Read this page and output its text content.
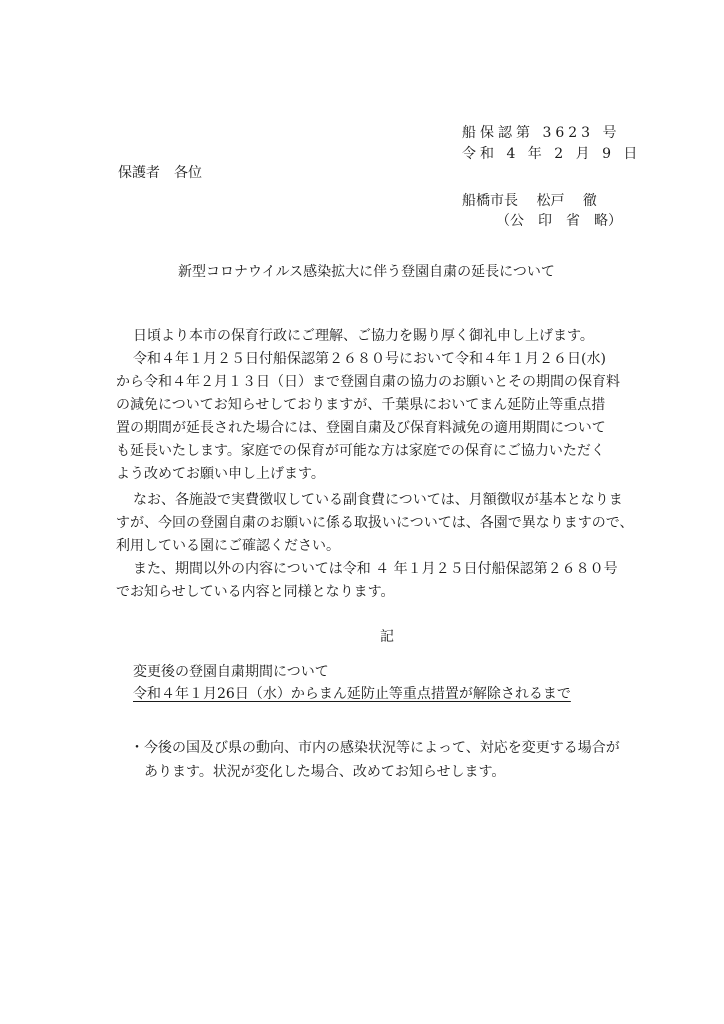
船保認第 3623 号
令和 4 年 2 月 9 日
保護者　各位
船橋市長　 松戸　 徹
（公　印　省　略）
新型コロナウイルス感染拡大に伴う登園自粛の延長について
日頃より本市の保育行政にご理解、ご協力を賜り厚く御礼申し上げます。
令和４年１月２５日付船保認第２６８０号において令和４年１月２６日(水)
から令和４年２月１３日（日）まで登園自粛の協力のお願いとその期間の保育料
の減免についてお知らせしておりますが、千葉県においてまん延防止等重点措
置の期間が延長された場合には、登園自粛及び保育料減免の適用期間について
も延長いたします。家庭での保育が可能な方は家庭での保育にご協力いただく
よう改めてお願い申し上げます。
なお、各施設で実費徴収している副食費については、月額徴収が基本となりま
すが、今回の登園自粛のお願いに係る取扱いについては、各園で異なりますので、
利用している園にご確認ください。
また、期間以外の内容については令和 ４ 年１月２５日付船保認第２６８０号
でお知らせしている内容と同様となります。
記
変更後の登園自粛期間について
令和４年１月26日（水）からまん延防止等重点措置が解除されるまで
・今後の国及び県の動向、市内の感染状況等によって、対応を変更する場合が
　あります。状況が変化した場合、改めてお知らせします。
